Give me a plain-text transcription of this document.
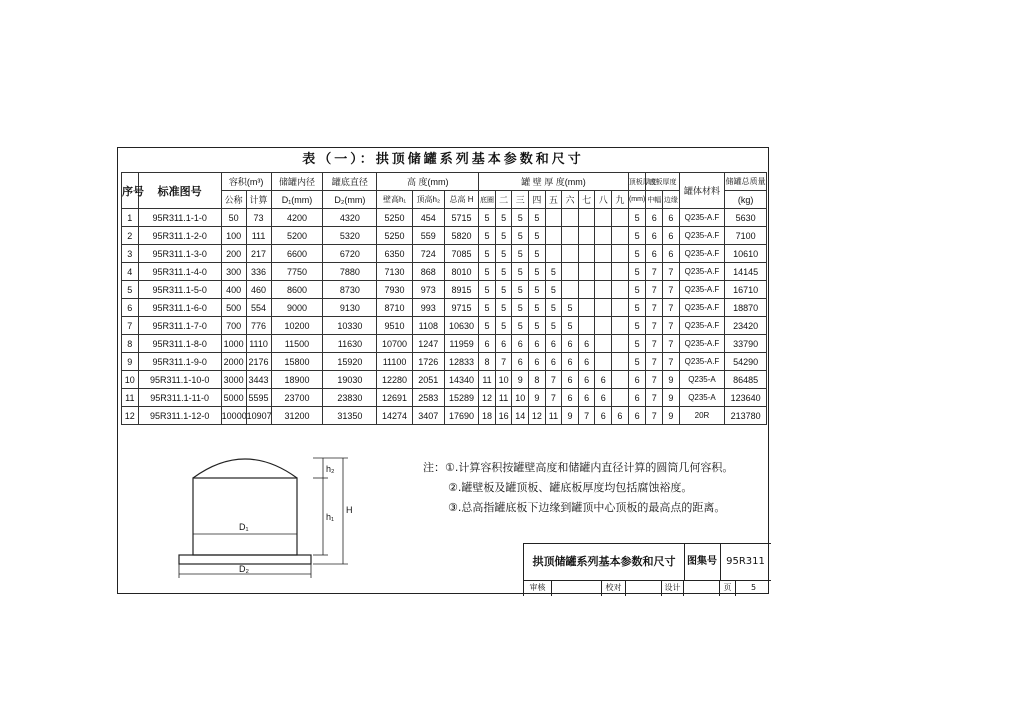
表（一）：拱顶储罐系列基本参数和尺寸
序号	标准图号	容积(m³)		储罐内径	罐底直径	高 度(mm)			罐 壁 厚 度(mm)									顶板厚度	底板厚度		罐体材料	储罐总质量
		公称	计算	D₁(mm)	D₂(mm)	壁高h₁	顶高h₂	总高 H	底圈	二	三	四	五	六	七	八	九	(mm)	中幅	边缘		(kg)
1	95R311.1-1-0	50	73	4200	4320	5250	454	5715	5	5	5	5						5	6	6	Q235-A.F	5630
2	95R311.1-2-0	100	111	5200	5320	5250	559	5820	5	5	5	5						5	6	6	Q235-A.F	7100
3	95R311.1-3-0	200	217	6600	6720	6350	724	7085	5	5	5	5						5	6	6	Q235-A.F	10610
4	95R311.1-4-0	300	336	7750	7880	7130	868	8010	5	5	5	5	5					5	7	7	Q235-A.F	14145
5	95R311.1-5-0	400	460	8600	8730	7930	973	8915	5	5	5	5	5					5	7	7	Q235-A.F	16710
6	95R311.1-6-0	500	554	9000	9130	8710	993	9715	5	5	5	5	5	5				5	7	7	Q235-A.F	18870
7	95R311.1-7-0	700	776	10200	10330	9510	1108	10630	5	5	5	5	5	5				5	7	7	Q235-A.F	23420
8	95R311.1-8-0	1000	1110	11500	11630	10700	1247	11959	6	6	6	6	6	6	6			5	7	7	Q235-A.F	33790
9	95R311.1-9-0	2000	2176	15800	15920	11100	1726	12833	8	7	6	6	6	6	6			5	7	7	Q235-A.F	54290
10	95R311.1-10-0	3000	3443	18900	19030	12280	2051	14340	11	10	9	8	7	6	6	6		6	7	9	Q235-A	86485
11	95R311.1-11-0	5000	5595	23700	23830	12691	2583	15289	12	11	10	9	7	6	6	6		6	7	9	Q235-A	123640
12	95R311.1-12-0	10000	10907	31200	31350	14274	3407	17690	18	16	14	12	11	9	7	6	6	6	7	9	20R	213780
h₂
h₁
H
D₁
D₂
注：①.计算容积按罐壁高度和储罐内直径计算的圆筒几何容积。
②.罐壁板及罐顶板、罐底板厚度均包括腐蚀裕度。
③.总高指罐底板下边缘到罐顶中心顶板的最高点的距离。
拱顶储罐系列基本参数和尺寸	图集号 95R311
审核	校对	设计	页	5
